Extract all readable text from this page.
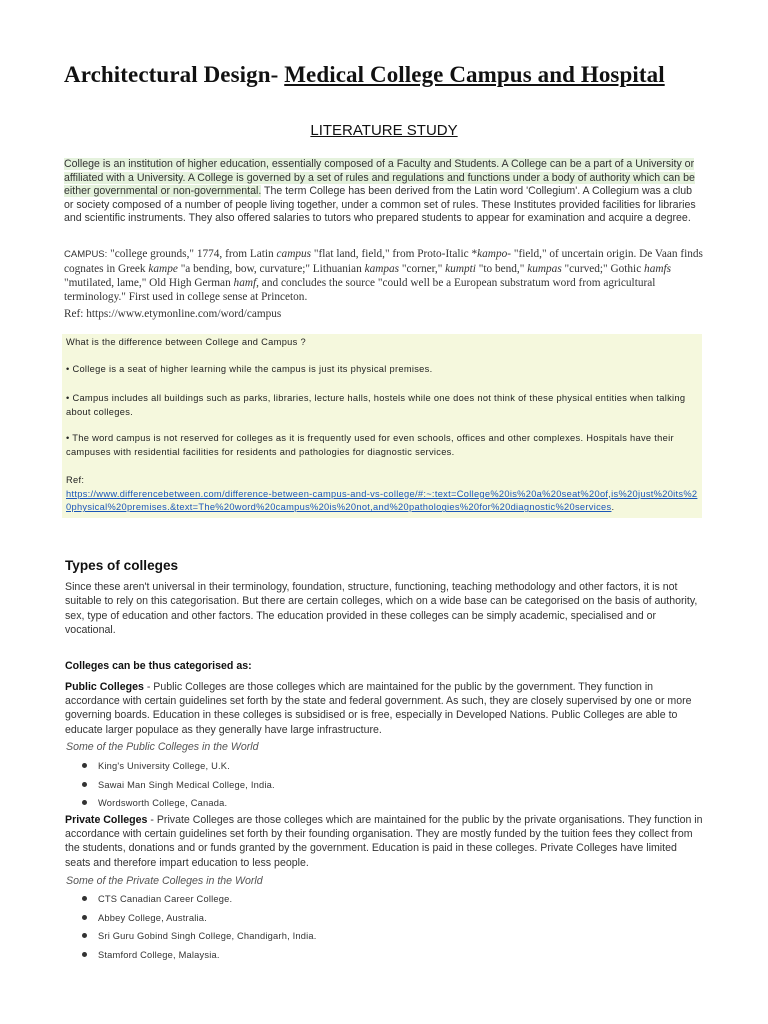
Architectural Design- Medical College Campus and Hospital
LITERATURE STUDY
College is an institution of higher education, essentially composed of a Faculty and Students. A College can be a part of a University or affiliated with a University. A College is governed by a set of rules and regulations and functions under a body of authority which can be either governmental or non-governmental. The term College has been derived from the Latin word 'Collegium'. A Collegium was a club or society composed of a number of people living together, under a common set of rules. These Institutes provided facilities for libraries and scientific instruments. They also offered salaries to tutors who prepared students to appear for examination and acquire a degree.
CAMPUS: "college grounds," 1774, from Latin campus "flat land, field," from Proto-Italic *kampo- "field," of uncertain origin. De Vaan finds cognates in Greek kampe "a bending, bow, curvature;" Lithuanian kampas "corner," kumpti "to bend," kumpas "curved;" Gothic hamfs "mutilated, lame," Old High German hamf, and concludes the source "could well be a European substratum word from agricultural terminology." First used in college sense at Princeton.
Ref: https://www.etymonline.com/word/campus

What is the difference between College and Campus ?

• College is a seat of higher learning while the campus is just its physical premises.

• Campus includes all buildings such as parks, libraries, lecture halls, hostels while one does not think of these physical entities when talking about colleges.

• The word campus is not reserved for colleges as it is frequently used for even schools, offices and other complexes. Hospitals have their campuses with residential facilities for residents and pathologies for diagnostic services.

Ref:
https://www.differencebetween.com/difference-between-campus-and-vs-college/#:~:text=College%20is%20a%20seat%20of,is%20just%20its%20physical%20premises.&text=The%20word%20campus%20is%20not,and%20pathologies%20for%20diagnostic%20services.

Types of colleges
Since these aren't universal in their terminology, foundation, structure, functioning, teaching methodology and other factors, it is not suitable to rely on this categorisation. But there are certain colleges, which on a wide base can be categorised on the basis of authority, sex, type of education and other factors. The education provided in these colleges can be simply academic, specialised and or vocational.
Colleges can be thus categorised as:
Public Colleges - Public Colleges are those colleges which are maintained for the public by the government. They function in accordance with certain guidelines set forth by the state and federal government. As such, they are closely supervised by one or more governing boards. Education in these colleges is subsidised or is free, especially in Developed Nations. Public Colleges are able to educate larger populace as they generally have large infrastructure.
Some of the Public Colleges in the World
King's University College, U.K.
Sawai Man Singh Medical College, India.
Wordsworth College, Canada.
Private Colleges - Private Colleges are those colleges which are maintained for the public by the private organisations. They function in accordance with certain guidelines set forth by their founding organisation. They are mostly funded by the tuition fees they collect from the students, donations and or funds granted by the government. Education is paid in these colleges. Private Colleges have limited seats and therefore impart education to less people.
Some of the Private Colleges in the World
CTS Canadian Career College.
Abbey College, Australia.
Sri Guru Gobind Singh College, Chandigarh, India.
Stamford College, Malaysia.
